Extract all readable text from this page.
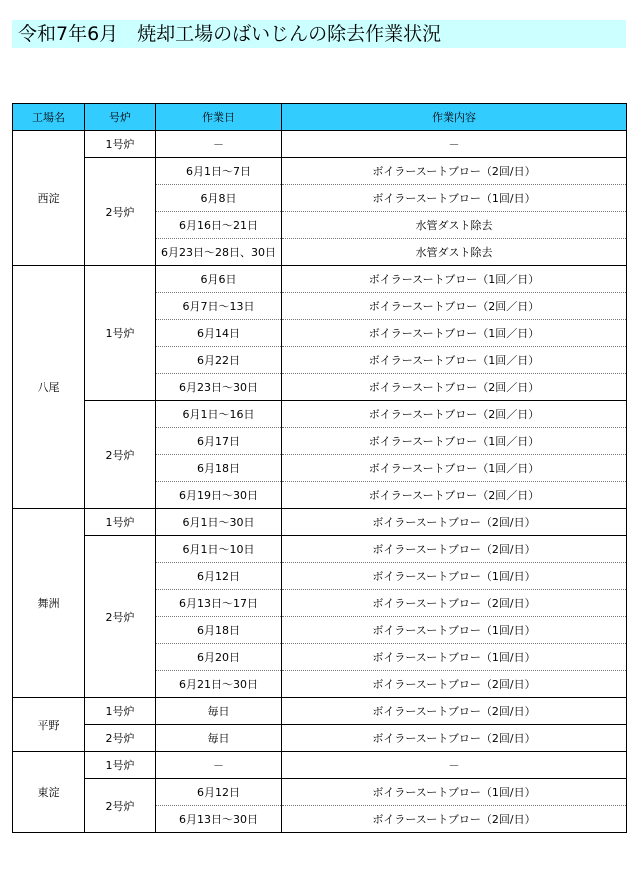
令和7年6月　焼却工場のばいじんの除去作業状況
工場名	号炉	作業日	作業内容
西淀	1号炉	－	－
	2号炉	6月1日～7日	ボイラースートブロー（2回/日）
		6月8日	ボイラースートブロー（1回/日）
		6月16日～21日	水管ダスト除去
		6月23日～28日、30日	水管ダスト除去
八尾	1号炉	6月6日	ボイラースートブロー（1回／日）
		6月7日～13日	ボイラースートブロー（2回／日）
		6月14日	ボイラースートブロー（1回／日）
		6月22日	ボイラースートブロー（1回／日）
		6月23日～30日	ボイラースートブロー（2回／日）
	2号炉	6月1日～16日	ボイラースートブロー（2回／日）
		6月17日	ボイラースートブロー（1回／日）
		6月18日	ボイラースートブロー（1回／日）
		6月19日～30日	ボイラースートブロー（2回／日）
舞洲	1号炉	6月1日～30日	ボイラースートブロー（2回/日）
	2号炉	6月1日～10日	ボイラースートブロー（2回/日）
		6月12日	ボイラースートブロー（1回/日）
		6月13日～17日	ボイラースートブロー（2回/日）
		6月18日	ボイラースートブロー（1回/日）
		6月20日	ボイラースートブロー（1回/日）
		6月21日～30日	ボイラースートブロー（2回/日）
平野	1号炉	毎日	ボイラースートブロー（2回/日）
	2号炉	毎日	ボイラースートブロー（2回/日）
東淀	1号炉	－	－
	2号炉	6月12日	ボイラースートブロー（1回/日）
		6月13日～30日	ボイラースートブロー（2回/日）
